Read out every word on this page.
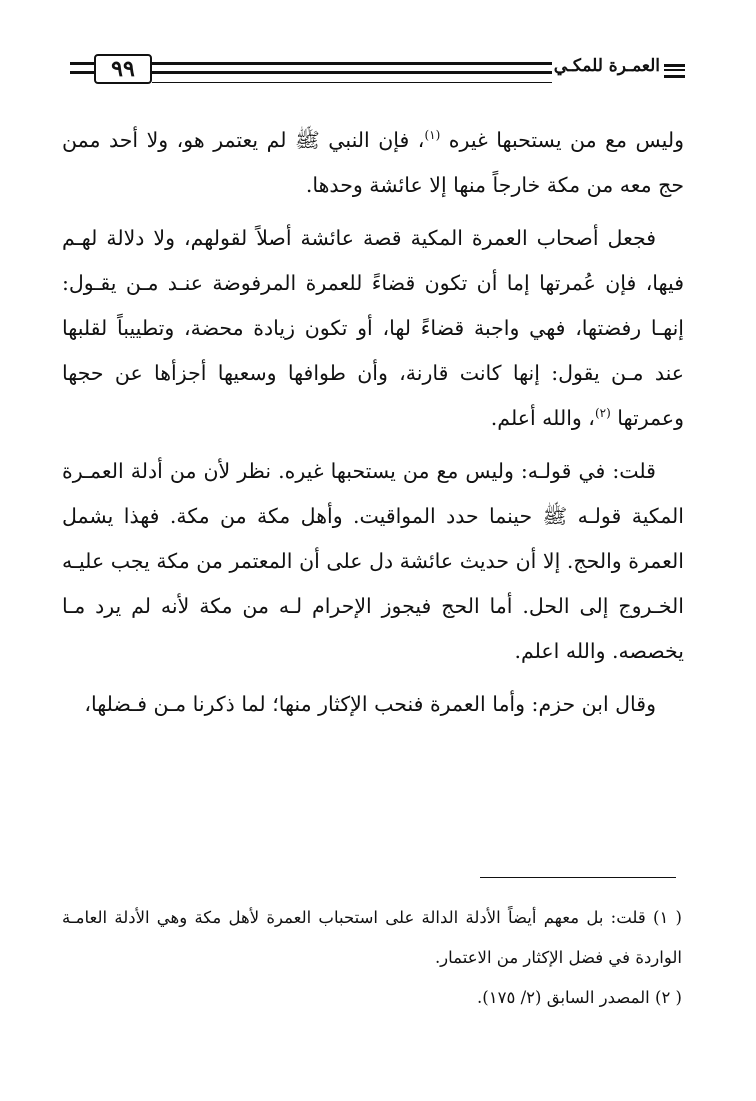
٩٩	العمـرة للمكـي

وليس مع من يستحبها غيره $^{(١)}$، فإن النبي ﷺ لم يعتمر هو، ولا أحد ممن حج معه من مكة خارجاً منها إلا عائشة وحدها.

فجعل أصحاب العمرة المكية قصة عائشة أصلاً لقولهم، ولا دلالة لهـم فيها، فإن عُمرتها إما أن تكون قضاءً للعمرة المرفوضة عنـد مـن يقـول: إنهـا رفضتها، فهي واجبة قضاءً لها، أو تكون زيادة محضة، وتطييباً لقلبها عند مـن يقول: إنها كانت قارنة، وأن طوافها وسعيها أجزأها عن حجها وعمرتها $^{(٢)}$، والله أعلم.

قلت: في قولـه: وليس مع من يستحبها غيره. نظر لأن من أدلة العمـرة المكية قولـه ﷺ حينما حدد المواقيت. وأهل مكة من مكة. فهذا يشمل العمرة والحج. إلا أن حديث عائشة دل على أن المعتمر من مكة يجب عليـه الخـروج إلى الحل. أما الحج فيجوز الإحرام لـه من مكة لأنه لم يرد مـا يخصصه. والله اعلم.

وقال ابن حزم: وأما العمرة فنحب الإكثار منها؛ لما ذكرنا مـن فـضلها،

( ١) قلت: بل معهم أيضاً الأدلة الدالة على استحباب العمرة لأهل مكة وهي الأدلة العامـة الواردة في فضل الإكثار من الاعتمار.

( ٢) المصدر السابق (٢/ ١٧٥).
